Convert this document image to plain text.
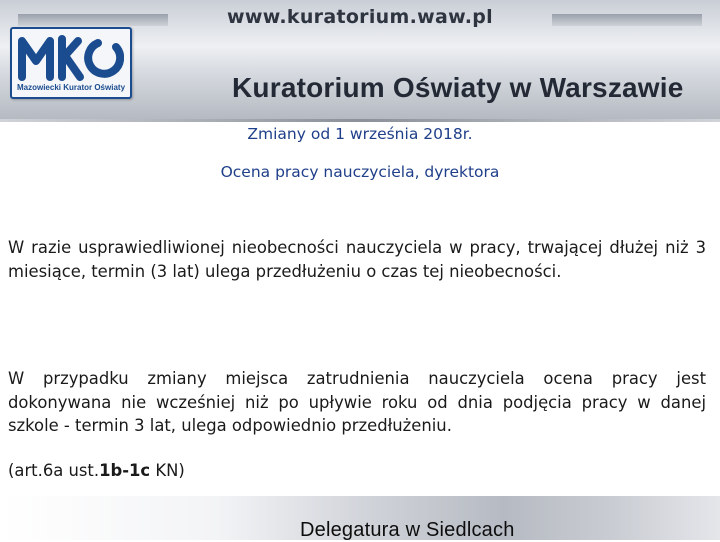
www.kuratorium.waw.pl
Mazowiecki Kurator Oświaty	Kuratorium Oświaty w Warszawie
Zmiany od 1 września 2018r.
Ocena pracy nauczyciela, dyrektora

W razie usprawiedliwionej nieobecności nauczyciela w pracy, trwającej dłużej niż 3 miesiące, termin (3 lat) ulega przedłużeniu o czas tej nieobecności.

W przypadku zmiany miejsca zatrudnienia nauczyciela ocena pracy jest dokonywana nie wcześniej niż po upływie roku od dnia podjęcia pracy w danej szkole - termin 3 lat, ulega odpowiednio przedłużeniu.

(art.6a ust.1b-1c KN)
Delegatura w Siedlcach
